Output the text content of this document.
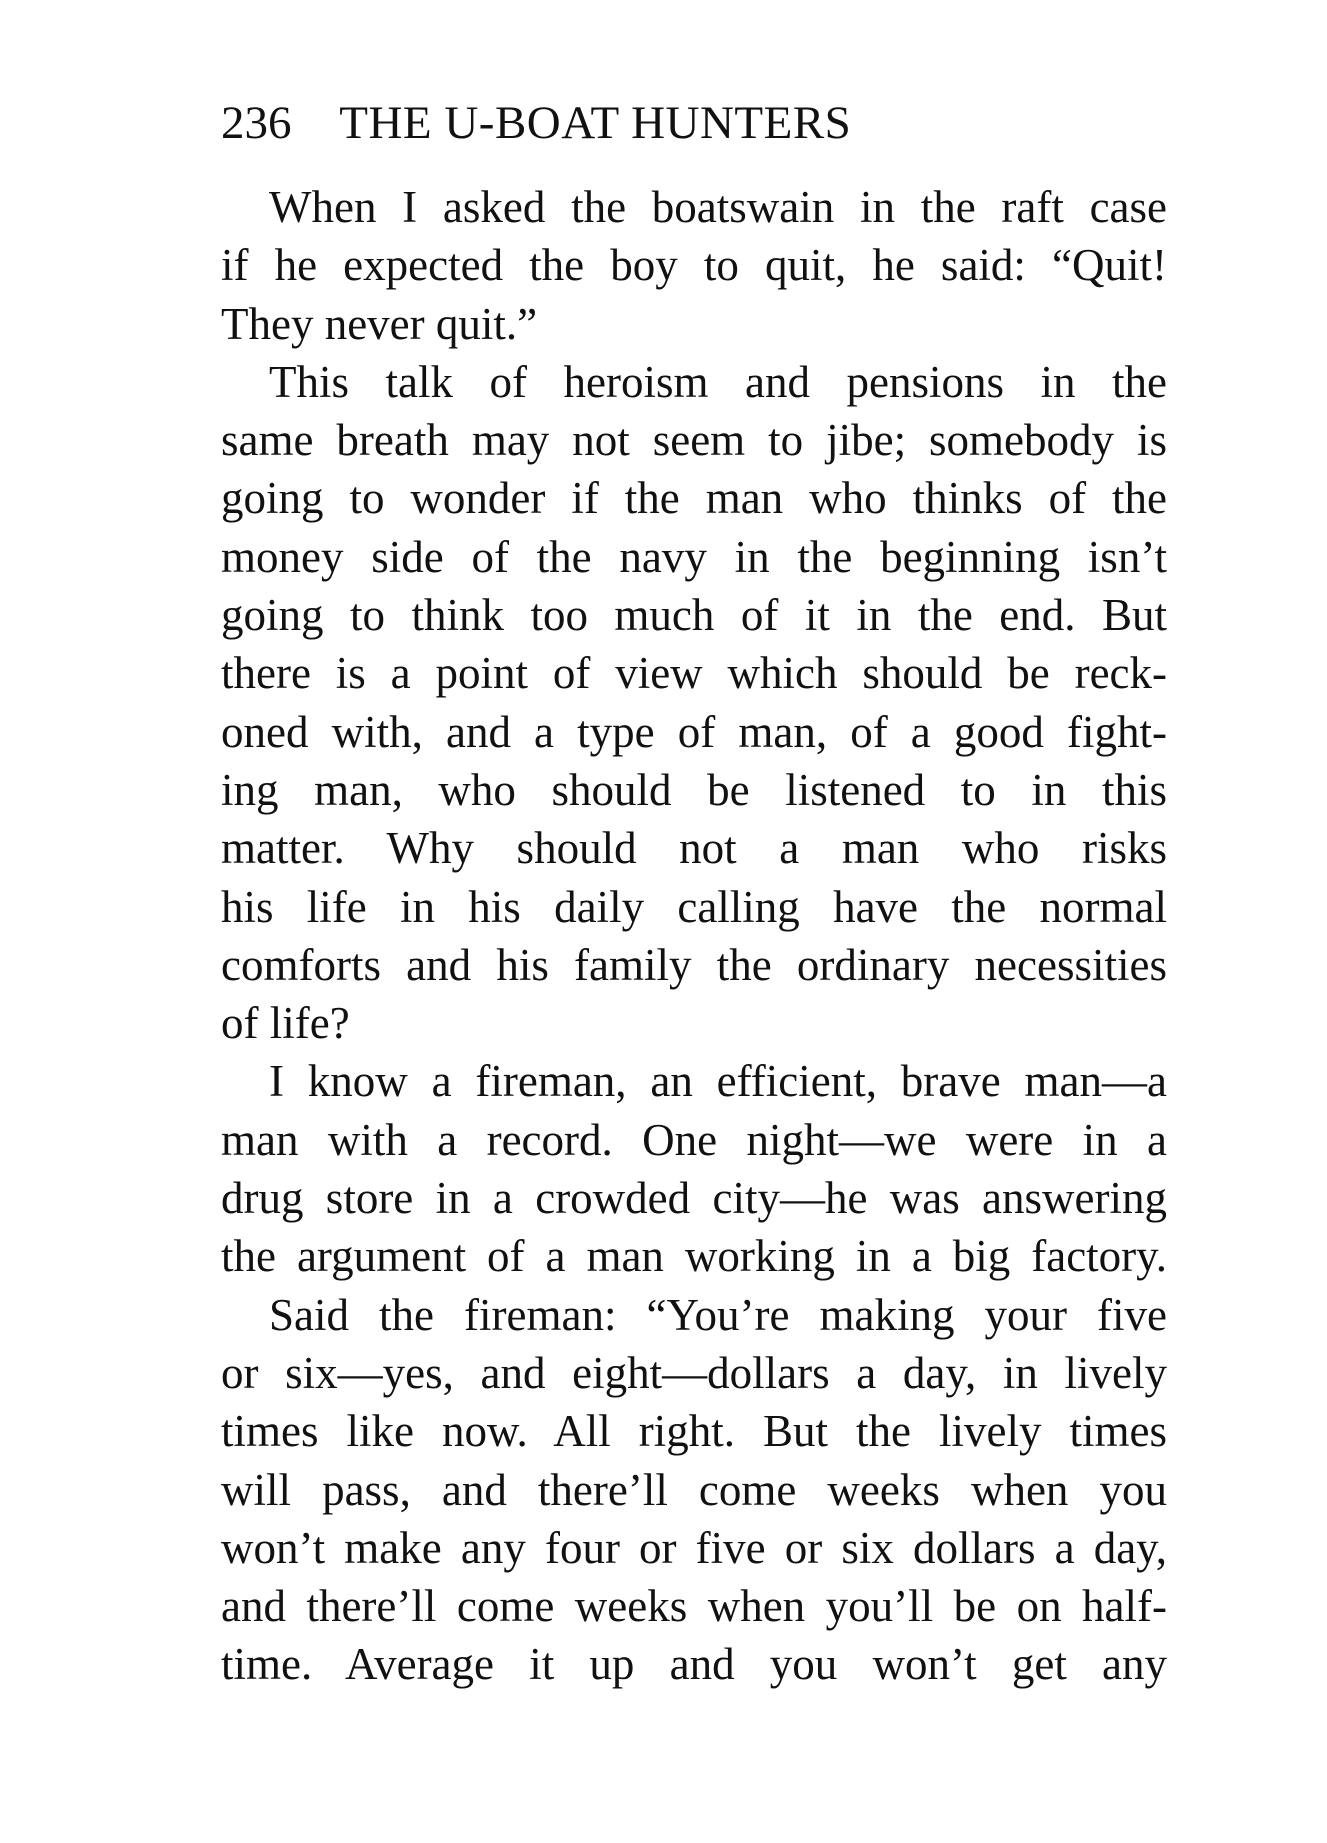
236 THE U-BOAT HUNTERS
When I asked the boatswain in the raft case
if he expected the boy to quit, he said: “Quit!
They never quit.”
This talk of heroism and pensions in the
same breath may not seem to jibe; somebody is
going to wonder if the man who thinks of the
money side of the navy in the beginning isn’t
going to think too much of it in the end. But
there is a point of view which should be reck-
oned with, and a type of man, of a good fight-
ing man, who should be listened to in this
matter. Why should not a man who risks
his life in his daily calling have the normal
comforts and his family the ordinary necessities
of life?
I know a fireman, an efficient, brave man—a
man with a record. One night—we were in a
drug store in a crowded city—he was answering
the argument of a man working in a big factory.
Said the fireman: “You’re making your five
or six—yes, and eight—dollars a day, in lively
times like now. All right. But the lively times
will pass, and there’ll come weeks when you
won’t make any four or five or six dollars a day,
and there’ll come weeks when you’ll be on half-
time. Average it up and you won’t get any
